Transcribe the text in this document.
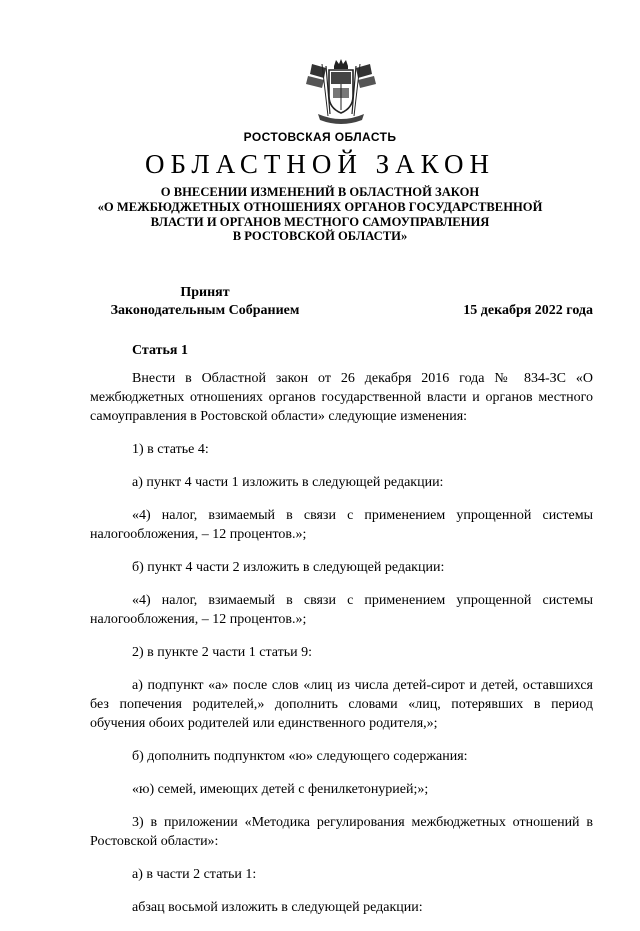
РОСТОВСКАЯ ОБЛАСТЬ
ОБЛАСТНОЙ ЗАКОН
О ВНЕСЕНИИ ИЗМЕНЕНИЙ В ОБЛАСТНОЙ ЗАКОН
«О МЕЖБЮДЖЕТНЫХ ОТНОШЕНИЯХ ОРГАНОВ ГОСУДАРСТВЕННОЙ
ВЛАСТИ И ОРГАНОВ МЕСТНОГО САМОУПРАВЛЕНИЯ
В РОСТОВСКОЙ ОБЛАСТИ»
Принят
Законодательным Собранием	15 декабря 2022 года
Статья 1

Внести в Областной закон от 26 декабря 2016 года № 834-ЗС «О межбюджетных отношениях органов государственной власти и органов местного самоуправления в Ростовской области» следующие изменения:

1) в статье 4:

а) пункт 4 части 1 изложить в следующей редакции:

«4) налог, взимаемый в связи с применением упрощенной системы налогообложения, – 12 процентов.»;

б) пункт 4 части 2 изложить в следующей редакции:

«4) налог, взимаемый в связи с применением упрощенной системы налогообложения, – 12 процентов.»;

2) в пункте 2 части 1 статьи 9:

а) подпункт «а» после слов «лиц из числа детей-сирот и детей, оставшихся без попечения родителей,» дополнить словами «лиц, потерявших в период обучения обоих родителей или единственного родителя,»;

б) дополнить подпунктом «ю» следующего содержания:

«ю) семей, имеющих детей с фенилкетонурией;»;

3) в приложении «Методика регулирования межбюджетных отношений в Ростовской области»:

а) в части 2 статьи 1:

абзац восьмой изложить в следующей редакции:
